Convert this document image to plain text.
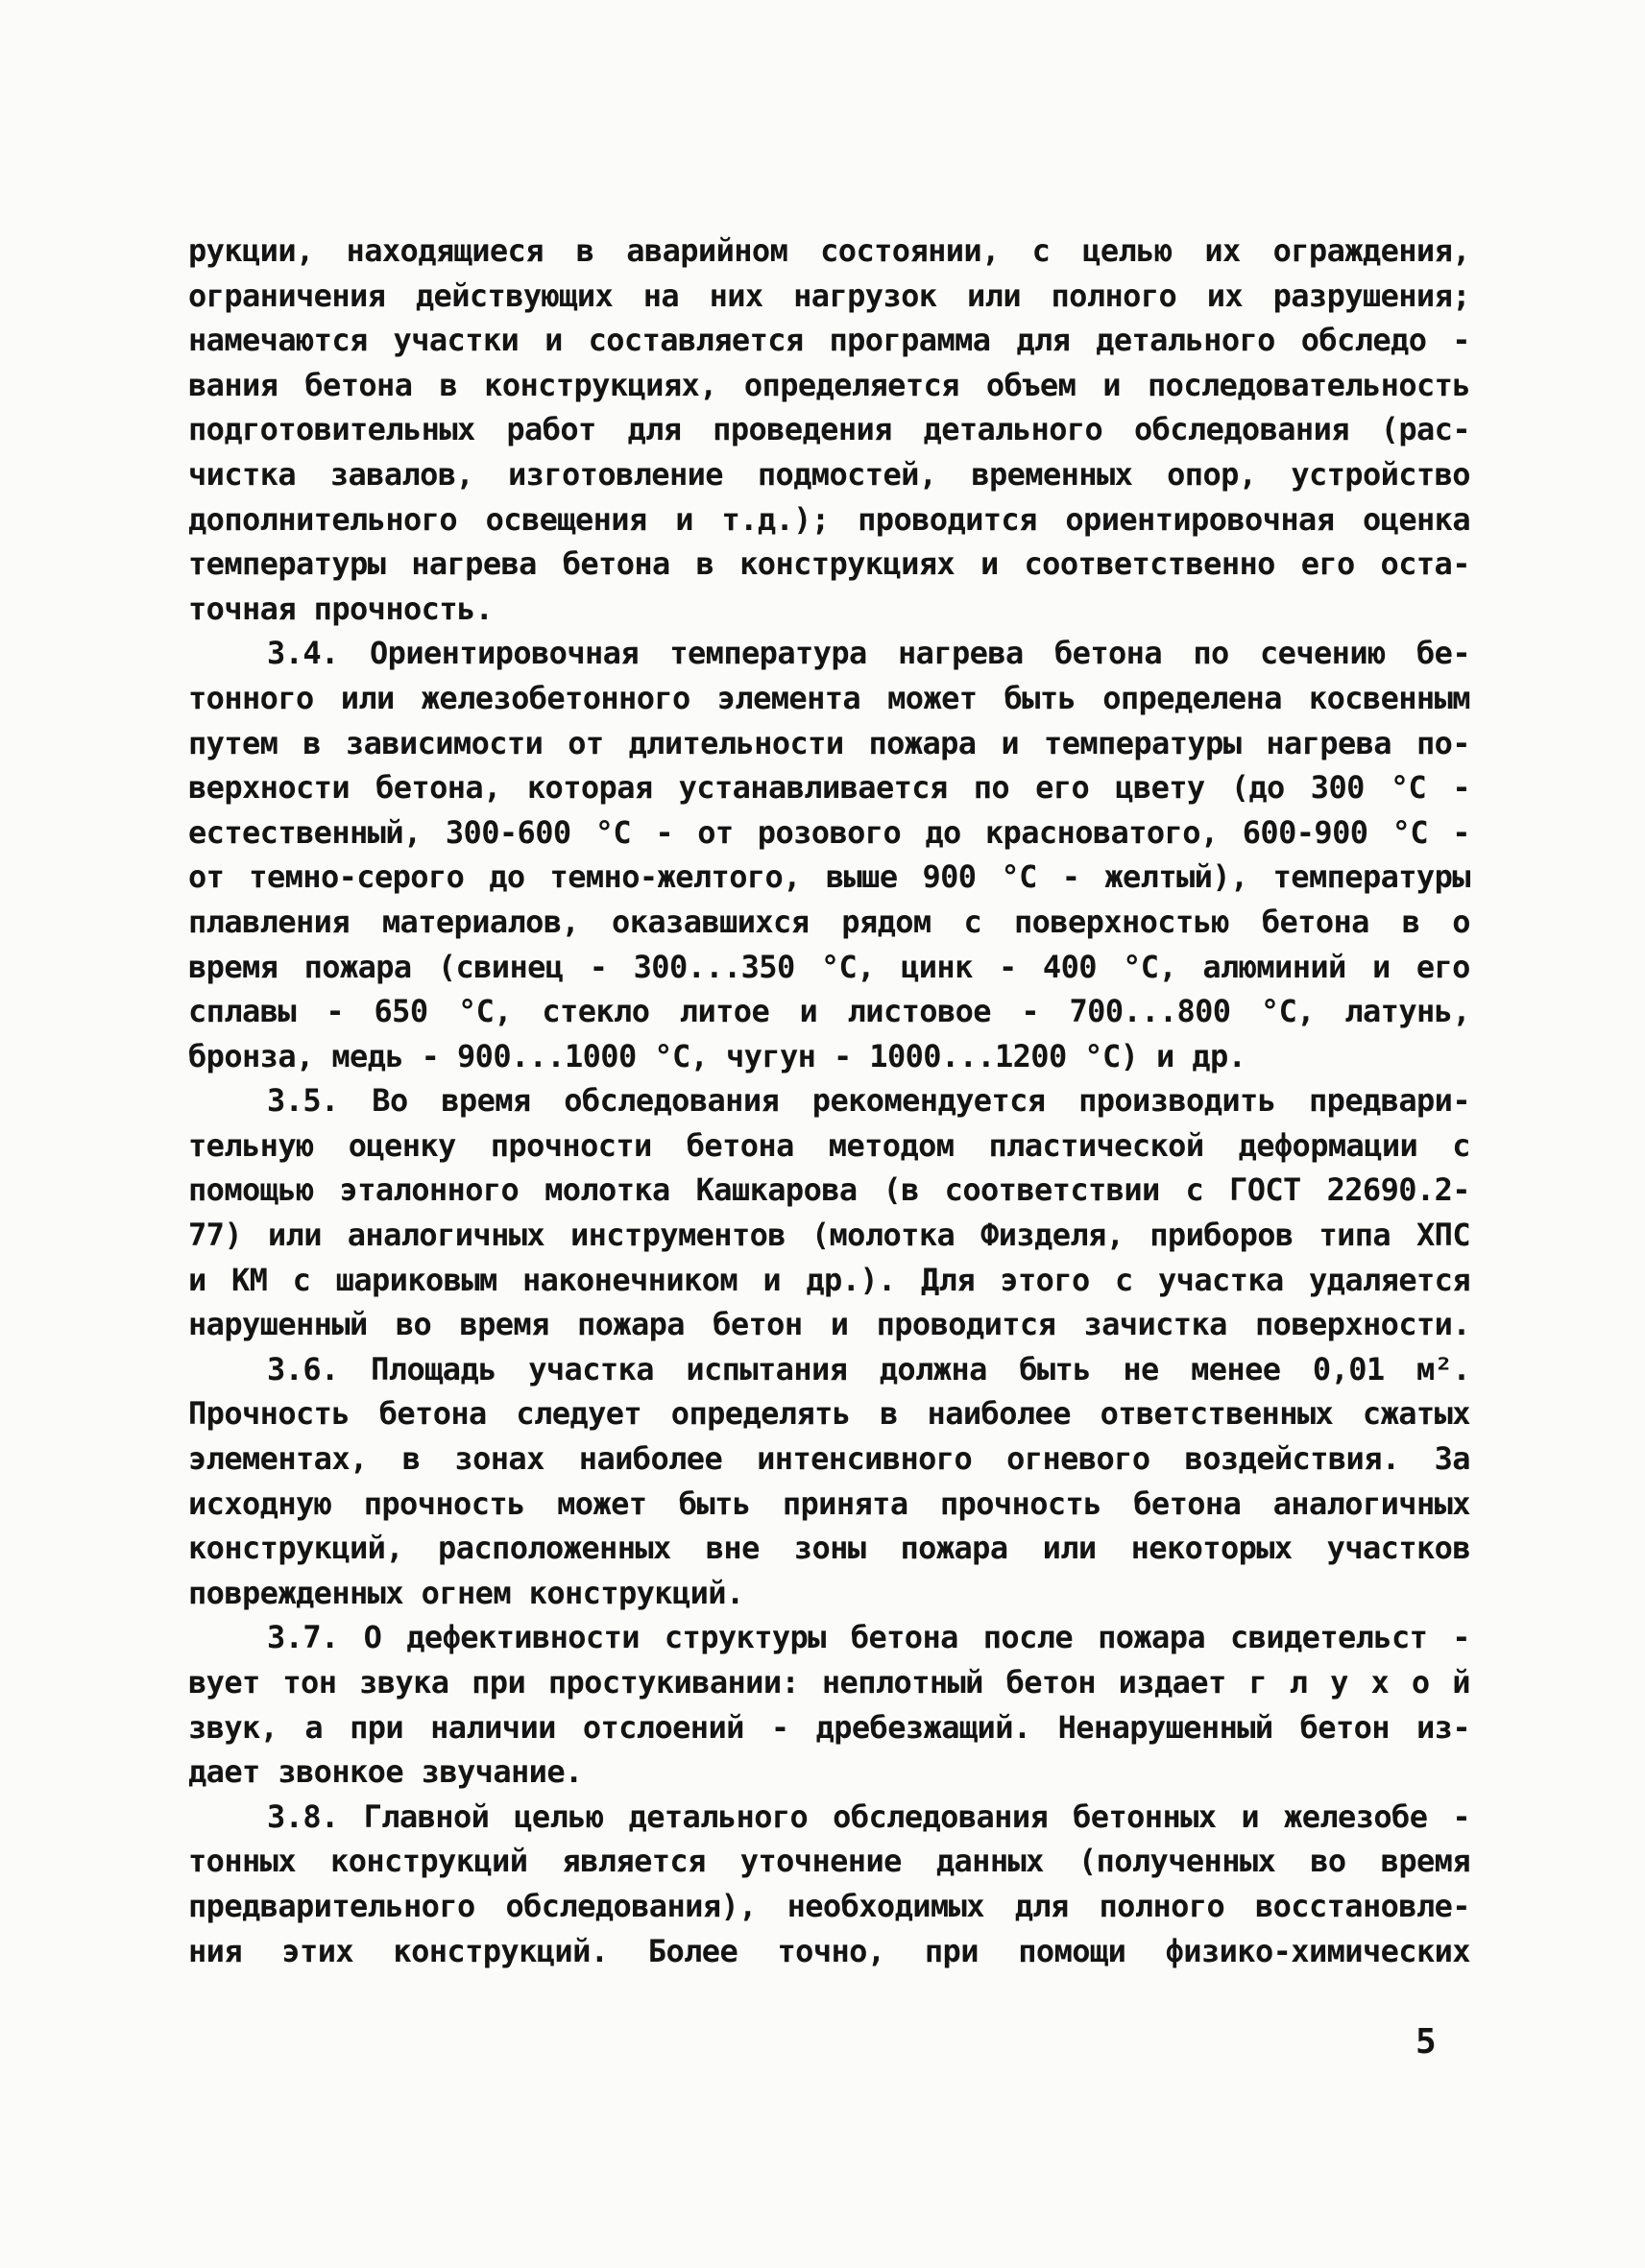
рукции, находящиеся в аварийном состоянии, с целью их ограждения,
ограничения действующих на них нагрузок или полного их разрушения;
намечаются участки и составляется программа для детального обследо -
вания бетона в конструкциях, определяется объем и последовательность
подготовительных работ для проведения детального обследования (рас-
чистка завалов, изготовление подмостей, временных опор, устройство
дополнительного освещения и т.д.); проводится ориентировочная оценка
температуры нагрева бетона в конструкциях и соответственно его оста-
точная прочность.
3.4. Ориентировочная температура нагрева бетона по сечению бе-
тонного или железобетонного элемента может быть определена косвенным
путем в зависимости от длительности пожара и температуры нагрева по-
верхности бетона, которая устанавливается по его цвету (до 300 °С -
естественный, 300-600 °С - от розового до красноватого, 600-900 °С -
от темно-серого до темно-желтого, выше 900 °С - желтый), температуры
плавления материалов, оказавшихся рядом с поверхностью бетона в о
время пожара (свинец - 300...350 °С, цинк - 400 °С, алюминий и его
сплавы - 650 °С, стекло литое и листовое - 700...800 °С, латунь,
бронза, медь - 900...1000 °С, чугун - 1000...1200 °С) и др.
3.5. Во время обследования рекомендуется производить предвари-
тельную оценку прочности бетона методом пластической деформации с
помощью эталонного молотка Кашкарова (в соответствии с ГОСТ 22690.2-
77) или аналогичных инструментов (молотка Физделя, приборов типа ХПС
и КМ с шариковым наконечником и др.). Для этого с участка удаляется
нарушенный во время пожара бетон и проводится зачистка поверхности.
3.6. Площадь участка испытания должна быть не менее 0,01 м².
Прочность бетона следует определять в наиболее ответственных сжатых
элементах, в зонах наиболее интенсивного огневого воздействия. За
исходную прочность может быть принята прочность бетона аналогичных
конструкций, расположенных вне зоны пожара или некоторых участков
поврежденных огнем конструкций.
3.7. О дефективности структуры бетона после пожара свидетельст -
вует тон звука при простукивании: неплотный бетон издает г л у х о й
звук, а при наличии отслоений - дребезжащий. Ненарушенный бетон из-
дает звонкое звучание.
3.8. Главной целью детального обследования бетонных и железобе -
тонных конструкций является уточнение данных (полученных во время
предварительного обследования), необходимых для полного восстановле-
ния этих конструкций. Более точно, при помощи физико-химических
5
